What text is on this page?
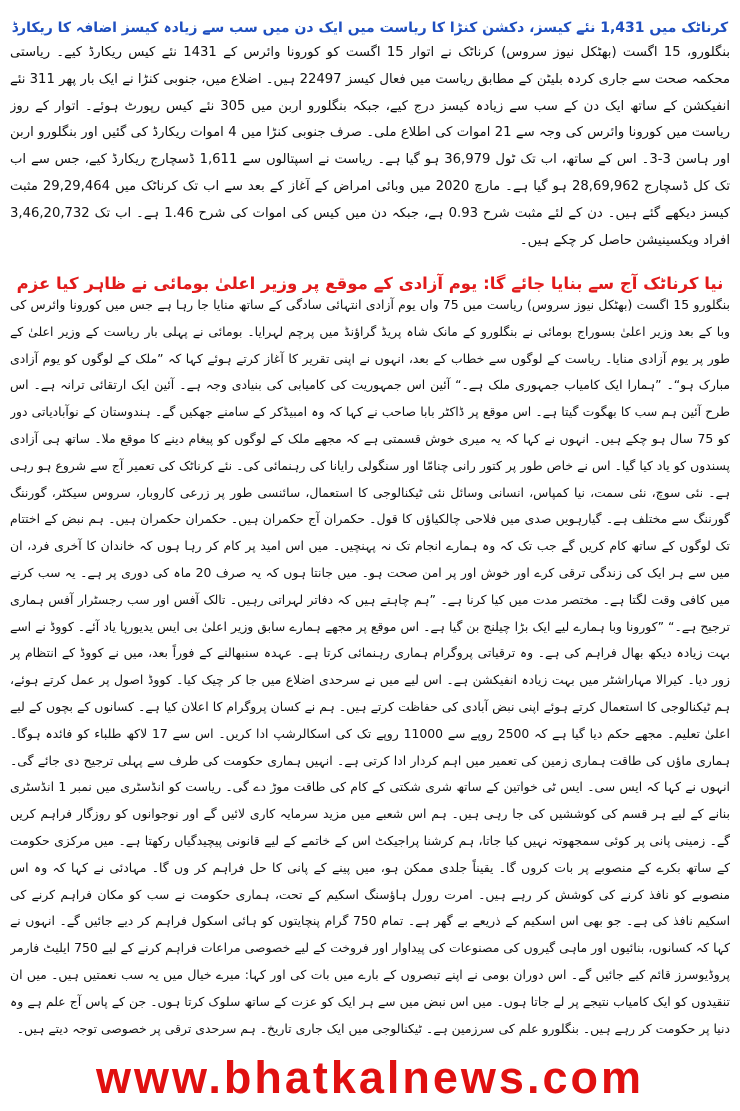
کرناٹک میں 1,431 نئے کیسز، دکشن کنڑا کا ریاست میں ایک دن میں سب سے زیادہ کیسز اضافہ کا ریکارڈ

بنگلورو، 15 اگست (بھٹکل نیوز سروس) کرناٹک نے اتوار 15 اگست کو کورونا وائرس کے 1431 نئے کیس ریکارڈ کیے۔ ریاستی محکمہ صحت سے جاری کردہ بلیٹن کے مطابق ریاست میں فعال کیسز 22497 ہیں۔ اضلاع میں، جنوبی کنڑا نے ایک بار پھر 311 نئے انفیکشن کے ساتھ ایک دن کے سب سے زیادہ کیسز درج کیے، جبکہ بنگلورو اربن میں 305 نئے کیس رپورٹ ہوئے۔ اتوار کے روز ریاست میں کورونا وائرس کی وجہ سے 21 اموات کی اطلاع ملی۔ صرف جنوبی کنڑا میں 4 اموات ریکارڈ کی گئیں اور بنگلورو اربن اور ہاسن 3-3۔ اس کے ساتھ، اب تک ٹول 36,979 ہو گیا ہے۔ ریاست نے اسپتالوں سے 1,611 ڈسچارج ریکارڈ کیے، جس سے اب تک کل ڈسچارج 28,69,962 ہو گیا ہے۔ مارچ 2020 میں وبائی امراض کے آغاز کے بعد سے اب تک کرناٹک میں 29,29,464 مثبت کیسز دیکھے گئے ہیں۔ دن کے لئے مثبت شرح 0.93 ہے، جبکہ دن میں کیس کی اموات کی شرح 1.46 ہے۔ اب تک 3,46,20,732 افراد ویکسینیشن حاصل کر چکے ہیں۔

نیا کرناٹک آج سے بنایا جائے گا: یوم آزادی کے موقع پر وزیر اعلیٰ بومائی نے ظاہر کیا عزم

بنگلورو 15 اگست (بھٹکل نیوز سروس) ریاست میں 75 واں یوم آزادی انتہائی سادگی کے ساتھ منایا جا رہا ہے جس میں کورونا وائرس کی وبا کے بعد وزیر اعلیٰ بسوراج بومائی نے بنگلورو کے مانک شاہ پریڈ گراؤنڈ میں پرچم لہرایا۔ بومائی نے پہلی بار ریاست کے وزیر اعلیٰ کے طور پر یوم آزادی منایا۔ ریاست کے لوگوں سے خطاب کے بعد، انہوں نے اپنی تقریر کا آغاز کرتے ہوئے کہا کہ ”ملک کے لوگوں کو یوم آزادی مبارک ہو“۔ ”ہمارا ایک کامیاب جمہوری ملک ہے۔“ آئین اس جمہوریت کی کامیابی کی بنیادی وجہ ہے۔ آئین ایک ارتقائی ترانہ ہے۔ اس طرح آئین ہم سب کا بھگوت گیتا ہے۔ اس موقع پر ڈاکٹر بابا صاحب نے کہا کہ وہ امبیڈکر کے سامنے جھکیں گے۔ ہندوستان کے نوآبادیاتی دور کو 75 سال ہو چکے ہیں۔ انہوں نے کہا کہ یہ میری خوش قسمتی ہے کہ مجھے ملک کے لوگوں کو پیغام دینے کا موقع ملا۔ ساتھ ہی آزادی پسندوں کو یاد کیا گیا۔ اس نے خاص طور پر کتور رانی چنامّا اور سنگولی رایانا کی رہنمائی کی۔ نئے کرناٹک کی تعمیر آج سے شروع ہو رہی ہے۔ نئی سوچ، نئی سمت، نیا کمپاس، انسانی وسائل نئی ٹیکنالوجی کا استعمال، سائنسی طور پر زرعی کاروبار، سروس سیکٹر، گورننگ گورننگ سے مختلف ہے۔ گیارہویں صدی میں فلاحی چالکیاؤں کا قول۔ حکمران آج حکمران ہیں۔ حکمران حکمران ہیں۔ ہم نبض کے اختتام تک لوگوں کے ساتھ کام کریں گے جب تک کہ وہ ہمارے انجام تک نہ پہنچیں۔ میں اس امید پر کام کر رہا ہوں کہ خاندان کا آخری فرد، ان میں سے ہر ایک کی زندگی ترقی کرے اور خوش اور پر امن صحت ہو۔ میں جانتا ہوں کہ یہ صرف 20 ماہ کی دوری پر ہے۔ یہ سب کرنے میں کافی وقت لگتا ہے۔ مختصر مدت میں کیا کرنا ہے۔ ”ہم چاہتے ہیں کہ دفاتر لہراتی رہیں۔ تالک آفس اور سب رجسٹرار آفس ہماری ترجیح ہے۔“ ”کورونا وبا ہمارے لیے ایک بڑا چیلنج بن گیا ہے۔ اس موقع پر مجھے ہمارے سابق وزیر اعلیٰ بی ایس یدیورپا یاد آئے۔ کووڈ نے اسے بہت زیادہ دیکھ بھال فراہم کی ہے۔ وہ ترقیاتی پروگرام ہماری رہنمائی کرتا ہے۔ عہدہ سنبھالنے کے فوراً بعد، میں نے کووڈ کے انتظام پر زور دیا۔ کیرالا مہاراشٹر میں بہت زیادہ انفیکشن ہے۔ اس لیے میں نے سرحدی اضلاع میں جا کر چیک کیا۔ کووڈ اصول پر عمل کرتے ہوئے، ہم ٹیکنالوجی کا استعمال کرتے ہوئے اپنی نبض آبادی کی حفاظت کرتے ہیں۔ ہم نے کسان پروگرام کا اعلان کیا ہے۔ کسانوں کے بچوں کے لیے اعلیٰ تعلیم۔ مجھے حکم دیا گیا ہے کہ 2500 روپے سے 11000 روپے تک کی اسکالرشپ ادا کریں۔ اس سے 17 لاکھ طلباء کو فائدہ ہوگا۔ ہماری ماؤں کی طاقت ہماری زمین کی تعمیر میں اہم کردار ادا کرتی ہے۔ انہیں ہماری حکومت کی طرف سے پہلی ترجیح دی جائے گی۔ انہوں نے کہا کہ ایس سی۔ ایس ٹی خواتین کے ساتھ شری شکتی کے کام کی طاقت موڑ دے گی۔ ریاست کو انڈسٹری میں نمبر 1 انڈسٹری بنانے کے لیے ہر قسم کی کوششیں کی جا رہی ہیں۔ ہم اس شعبے میں مزید سرمایہ کاری لائیں گے اور نوجوانوں کو روزگار فراہم کریں گے۔ زمینی پانی پر کوئی سمجھوتہ نہیں کیا جاتا، ہم کرشنا پراجیکٹ اس کے خاتمے کے لیے قانونی پیچیدگیاں رکھتا ہے۔ میں مرکزی حکومت کے ساتھ بکرے کے منصوبے پر بات کروں گا۔ یقیناً جلدی ممکن ہو، میں پینے کے پانی کا حل فراہم کر وں گا۔ مہادئی نے کہا کہ وہ اس منصوبے کو نافذ کرنے کی کوشش کر رہے ہیں۔ امرت رورل ہاؤسنگ اسکیم کے تحت، ہماری حکومت نے سب کو مکان فراہم کرنے کی اسکیم نافذ کی ہے۔ جو بھی اس اسکیم کے ذریعے بے گھر ہے۔ تمام 750 گرام پنچایتوں کو ہائی اسکول فراہم کر دیے جائیں گے۔ انہوں نے کہا کہ کسانوں، بنائیوں اور ماہی گیروں کی مصنوعات کی پیداوار اور فروخت کے لیے خصوصی مراعات فراہم کرنے کے لیے 750 ایلیٹ فارمر پروڈیوسرز قائم کیے جائیں گے۔ اس دوران بومی نے اپنے تبصروں کے بارے میں بات کی اور کہا: میرے خیال میں یہ سب نعمتیں ہیں۔ میں ان تنقیدوں کو ایک کامیاب نتیجے پر لے جاتا ہوں۔ میں اس نبض میں سے ہر ایک کو عزت کے ساتھ سلوک کرتا ہوں۔ جن کے پاس آج علم ہے وہ دنیا پر حکومت کر رہے ہیں۔ بنگلورو علم کی سرزمین ہے۔ ٹیکنالوجی میں ایک جاری تاریخ۔ ہم سرحدی ترقی پر خصوصی توجہ دیتے ہیں۔

www.bhatkalnews.com
